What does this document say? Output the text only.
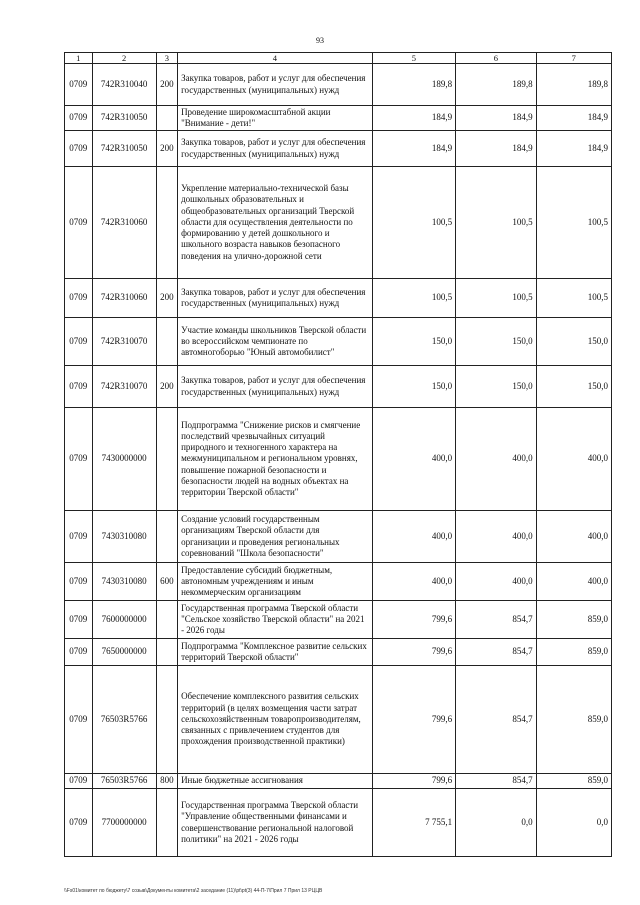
93
1	2	3	4	5	6	7
0709	742R310040	200	Закупка товаров, работ и услуг для обеспечения государственных (муниципальных) нужд	189,8	189,8	189,8
0709	742R310050		Проведение широкомасштабной акции "Внимание - дети!"	184,9	184,9	184,9
0709	742R310050	200	Закупка товаров, работ и услуг для обеспечения государственных (муниципальных) нужд	184,9	184,9	184,9
0709	742R310060		Укрепление материально-технической базы дошкольных образовательных и общеобразовательных организаций Тверской области для осуществления деятельности по формированию у детей дошкольного и школьного возраста навыков безопасного поведения на улично-дорожной сети	100,5	100,5	100,5
0709	742R310060	200	Закупка товаров, работ и услуг для обеспечения государственных (муниципальных) нужд	100,5	100,5	100,5
0709	742R310070		Участие команды школьников Тверской области во всероссийском чемпионате по автомногоборью "Юный автомобилист"	150,0	150,0	150,0
0709	742R310070	200	Закупка товаров, работ и услуг для обеспечения государственных (муниципальных) нужд	150,0	150,0	150,0
0709	7430000000		Подпрограмма "Снижение рисков и смягчение последствий чрезвычайных ситуаций природного и техногенного характера на межмуниципальном и региональном уровнях, повышение пожарной безопасности и безопасности людей на водных объектах на территории Тверской области"	400,0	400,0	400,0
0709	7430310080		Создание условий государственным организациям Тверской области для организации и проведения региональных соревнований "Школа безопасности"	400,0	400,0	400,0
0709	7430310080	600	Предоставление субсидий бюджетным, автономным учреждениям и иным некоммерческим организациям	400,0	400,0	400,0
0709	7600000000		Государственная программа Тверской области "Сельское хозяйство Тверской области" на 2021 - 2026 годы	799,6	854,7	859,0
0709	7650000000		Подпрограмма "Комплексное развитие сельских территорий Тверской области"	799,6	854,7	859,0
0709	76503R5766		Обеспечение комплексного развития сельских территорий (в целях возмещения части затрат сельскохозяйственным товаропроизводителям, связанных с привлечением студентов для прохождения производственной практики)	799,6	854,7	859,0
0709	76503R5766	800	Иные бюджетные ассигнования	799,6	854,7	859,0
0709	7700000000		Государственная программа Тверской области "Управление общественными финансами и совершенствование региональной налоговой политики" на 2021 - 2026 годы	7 755,1	0,0	0,0
\\Fs01\комитет по бюджету\7 созыв\Документы комитета\2 заседание (11)\pt\pt(3) 44-П-7\Прил 7 Прил 13 РЦЦВ
